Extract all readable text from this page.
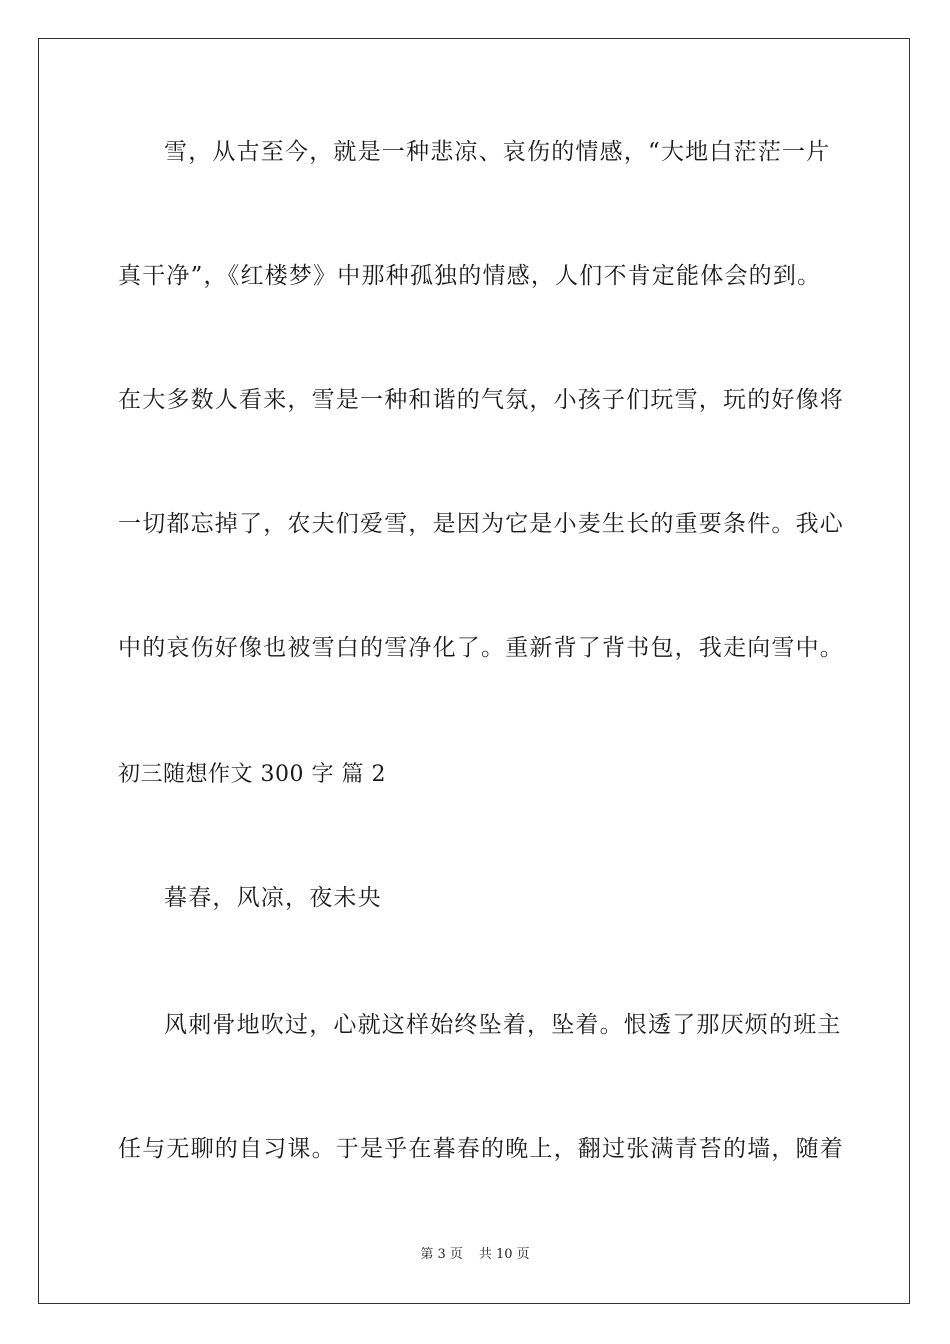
雪，从古至今，就是一种悲凉、哀伤的情感，“大地白茫茫一片
真干净”，《红楼梦》中那种孤独的情感，人们不肯定能体会的到。
在大多数人看来，雪是一种和谐的气氛，小孩子们玩雪，玩的好像将
一切都忘掉了，农夫们爱雪，是因为它是小麦生长的重要条件。我心
中的哀伤好像也被雪白的雪净化了。重新背了背书包，我走向雪中。
初三随想作文 300 字 篇 2
暮春，风凉，夜未央
风刺骨地吹过，心就这样始终坠着，坠着。恨透了那厌烦的班主
任与无聊的自习课。于是乎在暮春的晚上，翻过张满青苔的墙，随着
第 3 页 共 10 页
